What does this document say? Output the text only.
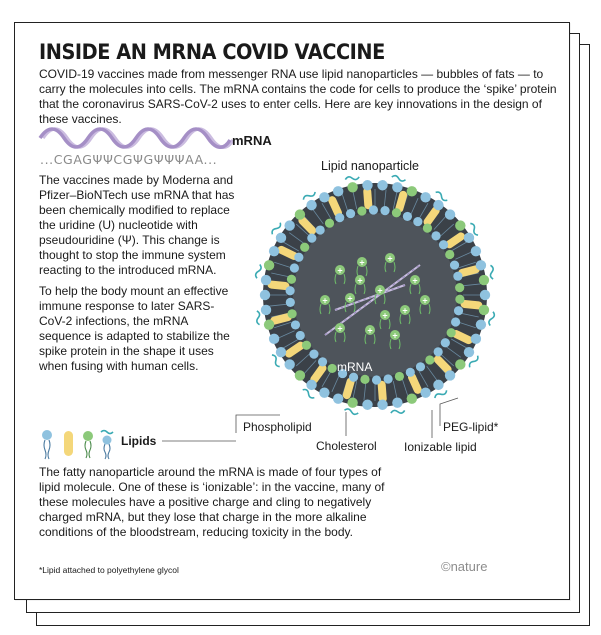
INSIDE AN MRNA COVID VACCINE

COVID-19 vaccines made from messenger RNA use lipid nanoparticles — bubbles of fats — to carry the molecules into cells. The mRNA contains the code for cells to produce the ‘spike’ protein that the coronavirus SARS-CoV-2 uses to enter cells. Here are key innovations in the design of these vaccines.

mRNA
...CGAGΨΨCGΨGΨΨΨAA...

The vaccines made by Moderna and Pfizer–BioNTech use mRNA that has been chemically modified to replace the uridine (U) nucleotide with pseudouridine (Ψ). This change is thought to stop the immune system reacting to the introduced mRNA.

To help the body mount an effective immune response to later SARS-CoV-2 infections, the mRNA sequence is adapted to stabilize the spike protein in the shape it uses when fusing with human cells.

Lipid nanoparticle
+
+	+
+
+ +
+
+
+	+ +
+
+
+
mRNA
Phospholipid
Cholesterol Ionizable lipid
PEG-lipid*
Lipids

The fatty nanoparticle around the mRNA is made of four types of lipid molecule. One of these is ‘ionizable’: in the vaccine, many of these molecules have a positive charge and cling to negatively charged mRNA, but they lose that charge in the more alkaline conditions of the bloodstream, reducing toxicity in the body.

*Lipid attached to polyethylene glycol	©nature
